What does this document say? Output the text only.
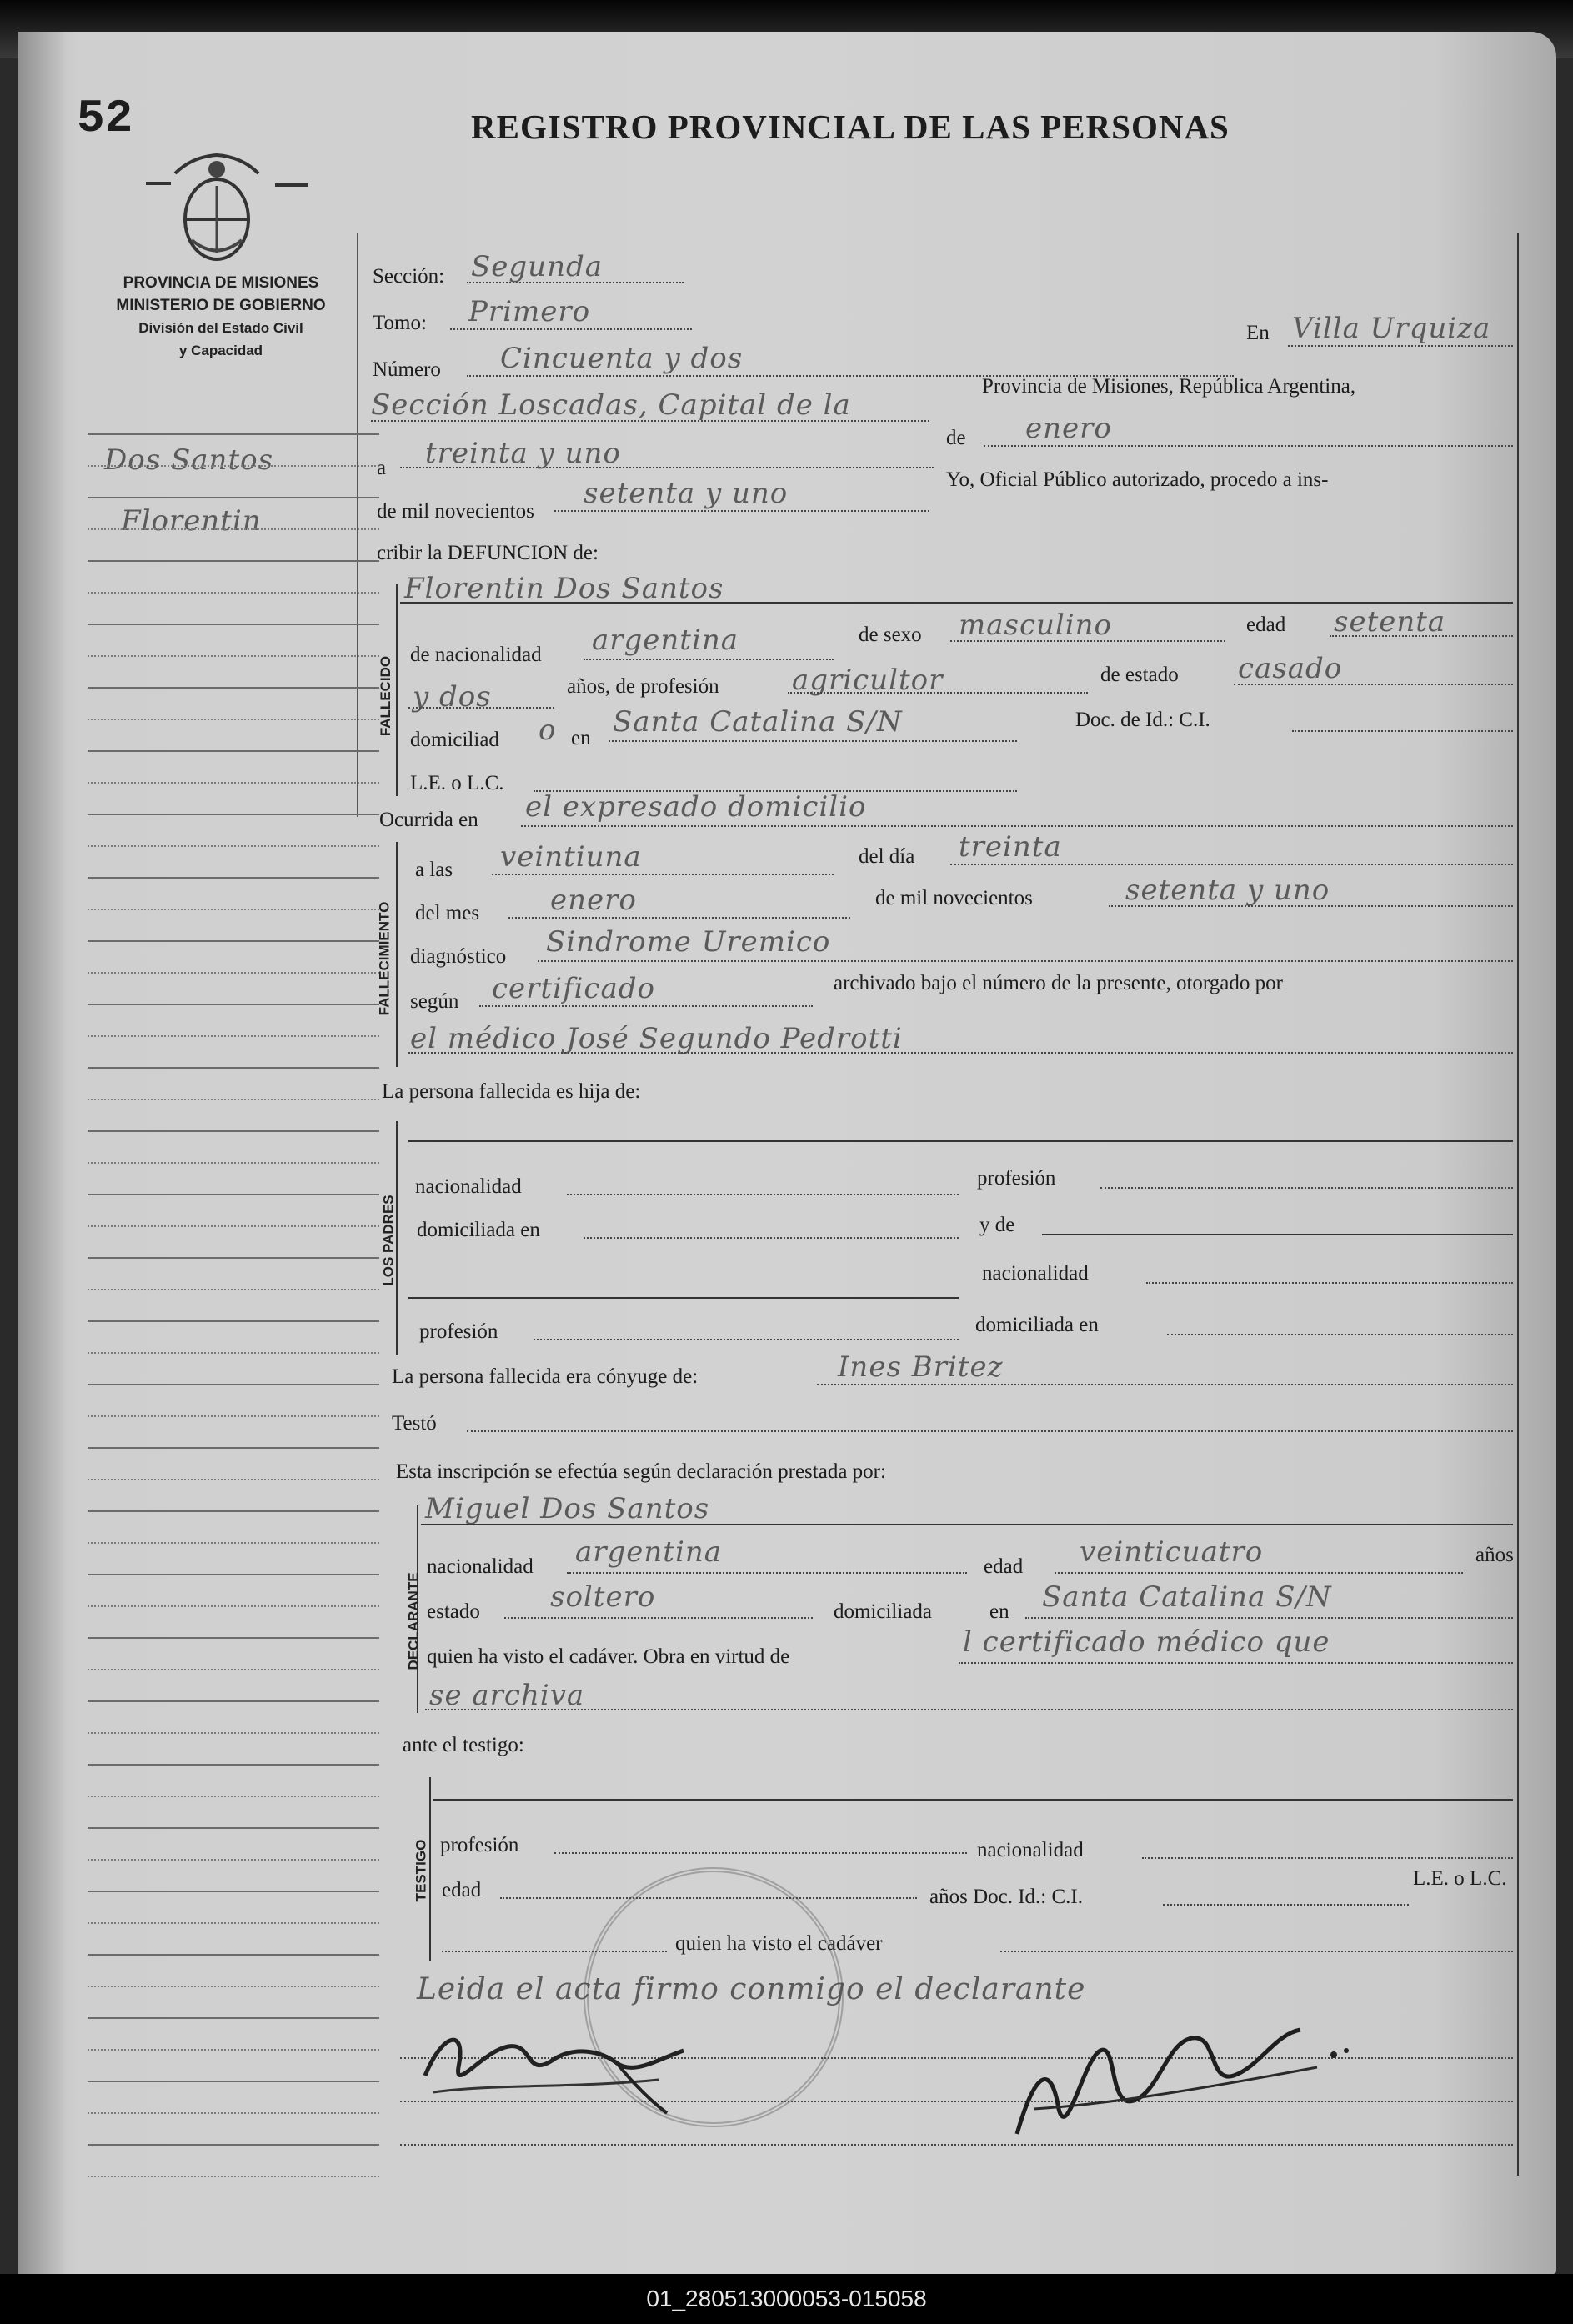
52	REGISTRO PROVINCIAL DE LAS PERSONAS
PROVINCIA DE MISIONES
MINISTERIO DE GOBIERNO
División del Estado Civil
y Capacidad
Dos Santos
Florentin
Sección: Segunda
Tomo: Primero
Número Cincuenta y dos
En Villa Urquiza
Sección Loscadas, Capital de la
Provincia de Misiones, República Argentina,
a treinta y uno	de enero
de mil novecientos
setenta y uno	Yo, Oficial Público autorizado, procedo a ins-
cribir la DEFUNCION de:
FALLECIDO
Florentin Dos Santos
de nacionalidad argentina	de sexo masculino	edad setenta
y dos	años, de profesión	agricultor	de estado casado
domiciliad o en Santa Catalina S/N	Doc. de Id.: C.I.
L.E. o L.C.
Ocurrida en el expresado domicilio
FALLECIMIENTO
a las veintiuna	del día treinta
del mes enero	de mil novecientos	setenta y uno
diagnóstico Sindrome Uremico
según certificado	archivado bajo el número de la presente, otorgado por
el médico José Segundo Pedrotti
La persona fallecida es hija de:
LOS PADRES
nacionalidad	profesión
domiciliada en	y de
nacionalidad
profesión	domiciliada en
La persona fallecida era cónyuge de:	Ines Britez
Testó
Esta inscripción se efectúa según declaración prestada por:
DECLARANTE
Miguel Dos Santos
nacionalidad argentina	edad veinticuatro	años
estado soltero	domiciliada	en Santa Catalina S/N
quien ha visto el cadáver. Obra en virtud de	l certificado médico que
se archiva
ante el testigo:
TESTIGO profesión	nacionalidad
edad	años Doc. Id.: C.I.
L.E. o L.C.
quien ha visto el cadáver
Leida el acta firmo conmigo el declarante
01_280513000053-015058
